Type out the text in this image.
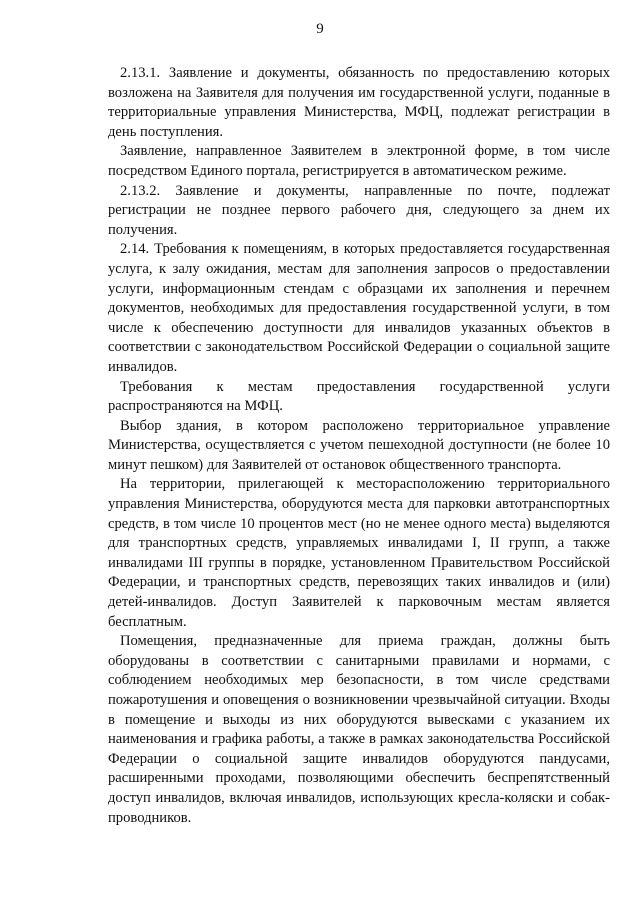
9

2.13.1. Заявление и документы, обязанность по предоставлению которых возложена на Заявителя для получения им государственной услуги, поданные в территориальные управления Министерства, МФЦ, подлежат регистрации в день поступления.

Заявление, направленное Заявителем в электронной форме, в том числе посредством Единого портала, регистрируется в автоматическом режиме.

2.13.2. Заявление и документы, направленные по почте, подлежат регистрации не позднее первого рабочего дня, следующего за днем их получения.

2.14. Требования к помещениям, в которых предоставляется государственная услуга, к залу ожидания, местам для заполнения запросов о предоставлении услуги, информационным стендам с образцами их заполнения и перечнем документов, необходимых для предоставления государственной услуги, в том числе к обеспечению доступности для инвалидов указанных объектов в соответствии с законодательством Российской Федерации о социальной защите инвалидов.

Требования к местам предоставления государственной услуги распространяются на МФЦ.

Выбор здания, в котором расположено территориальное управление Министерства, осуществляется с учетом пешеходной доступности (не более 10 минут пешком) для Заявителей от остановок общественного транспорта.

На территории, прилегающей к месторасположению территориального управления Министерства, оборудуются места для парковки автотранспортных средств, в том числе 10 процентов мест (но не менее одного места) выделяются для транспортных средств, управляемых инвалидами I, II групп, а также инвалидами III группы в порядке, установленном Правительством Российской Федерации, и транспортных средств, перевозящих таких инвалидов и (или) детей-инвалидов. Доступ Заявителей к парковочным местам является бесплатным.

Помещения, предназначенные для приема граждан, должны быть оборудованы в соответствии с санитарными правилами и нормами, с соблюдением необходимых мер безопасности, в том числе средствами пожаротушения и оповещения о возникновении чрезвычайной ситуации. Входы в помещение и выходы из них оборудуются вывесками с указанием их наименования и графика работы, а также в рамках законодательства Российской Федерации о социальной защите инвалидов оборудуются пандусами, расширенными проходами, позволяющими обеспечить беспрепятственный доступ инвалидов, включая инвалидов, использующих кресла-коляски и собак-проводников.
